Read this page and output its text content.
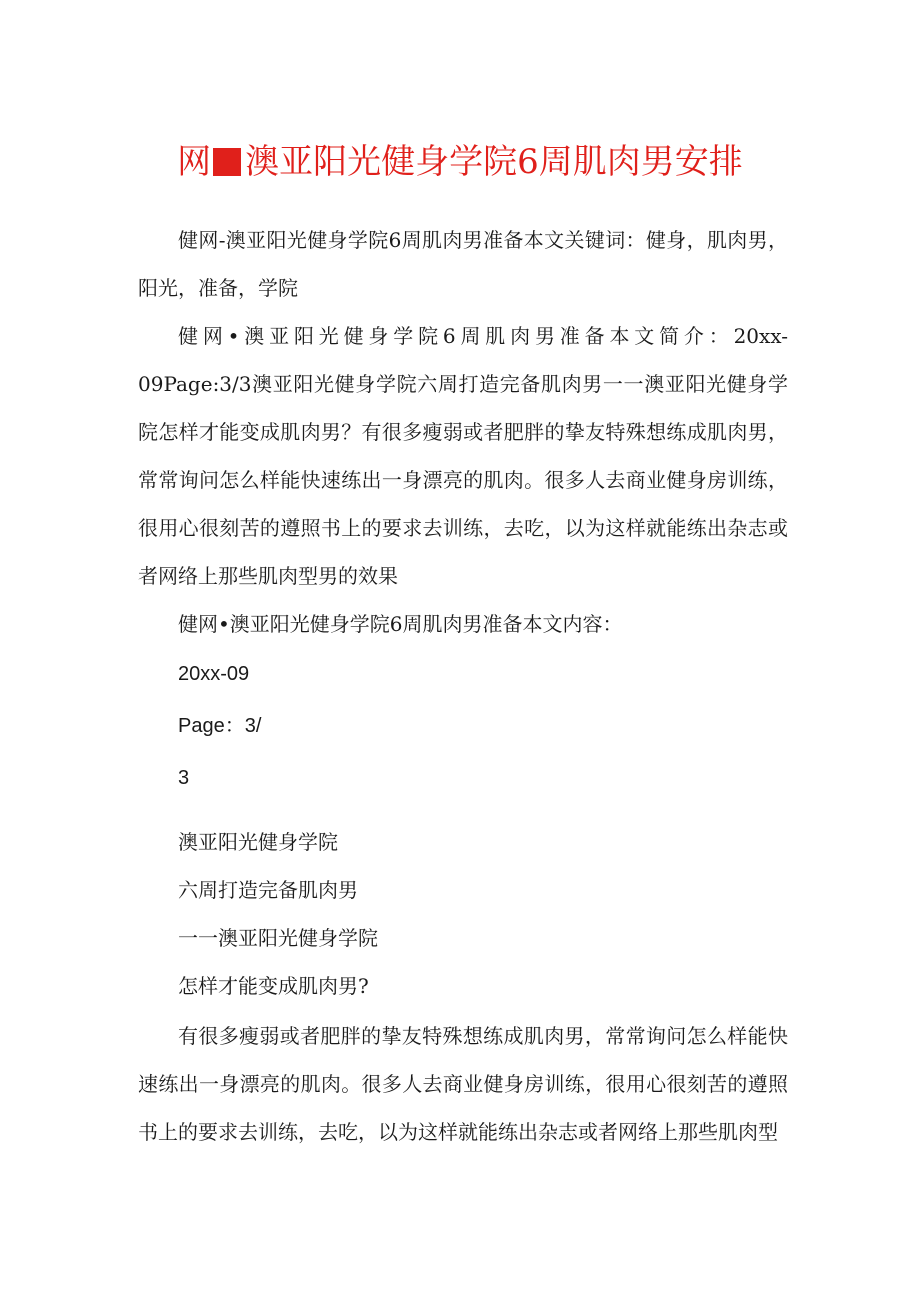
网 澳亚阳光健身学院6周肌肉男安排

健网-澳亚阳光健身学院6周肌肉男准备本文关键词：健身，肌肉男，阳光，准备，学院

健网•澳亚阳光健身学院6周肌肉男准备本文简介：20xx-09Page:3/3澳亚阳光健身学院六周打造完备肌肉男一一澳亚阳光健身学院怎样才能变成肌肉男？有很多瘦弱或者肥胖的挚友特殊想练成肌肉男，常常询问怎么样能快速练出一身漂亮的肌肉。很多人去商业健身房训练，很用心很刻苦的遵照书上的要求去训练，去吃，以为这样就能练出杂志或者网络上那些肌肉型男的效果

健网•澳亚阳光健身学院6周肌肉男准备本文内容：

20xx-09

Page：3/

3

澳亚阳光健身学院

六周打造完备肌肉男

一一澳亚阳光健身学院

怎样才能变成肌肉男?

有很多瘦弱或者肥胖的挚友特殊想练成肌肉男，常常询问怎么样能快速练出一身漂亮的肌肉。很多人去商业健身房训练，很用心很刻苦的遵照书上的要求去训练，去吃，以为这样就能练出杂志或者网络上那些肌肉型
